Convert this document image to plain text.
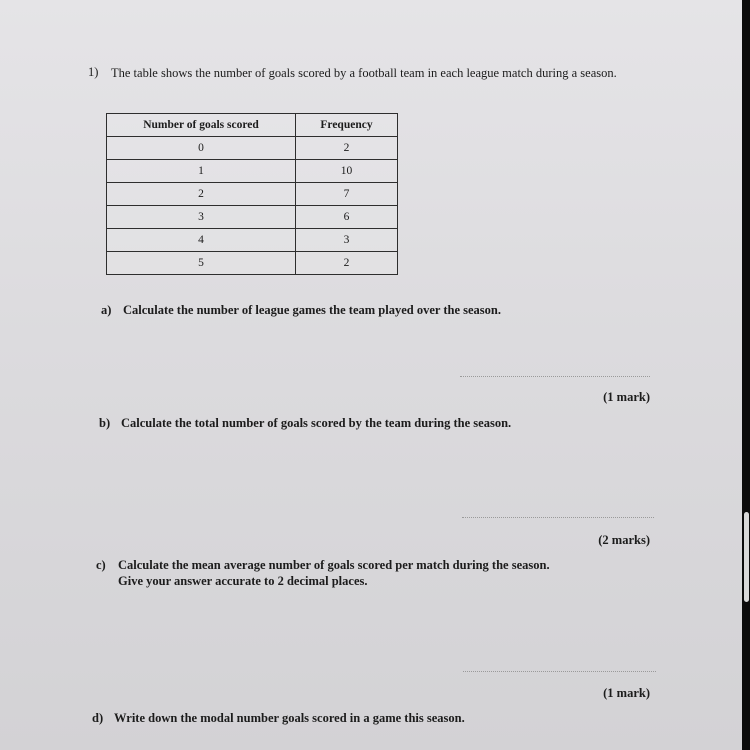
1) The table shows the number of goals scored by a football team in each league match during a season.
Number of goals scored	Frequency
0	2
1	10
2	7
3	6
4	3
5	2
a) Calculate the number of league games the team played over the season.
(1 mark)
b) Calculate the total number of goals scored by the team during the season.
(2 marks)
c) Calculate the mean average number of goals scored per match during the season.
Give your answer accurate to 2 decimal places.
(1 mark)
d) Write down the modal number goals scored in a game this season.
